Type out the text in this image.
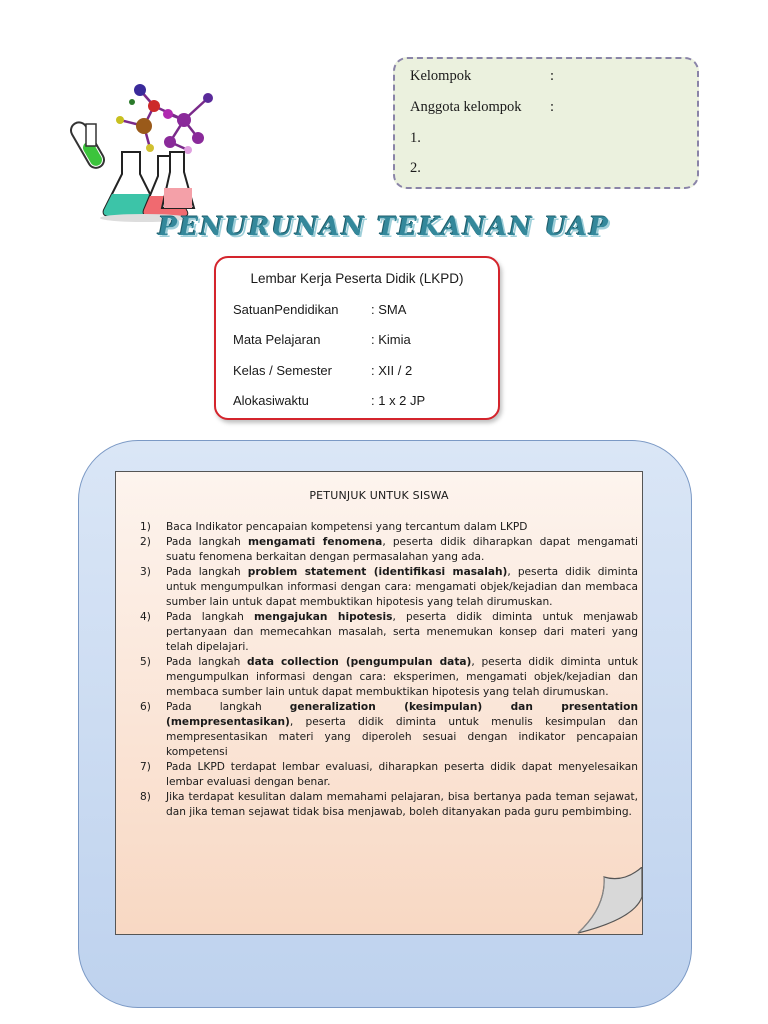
Kelompok	:
Anggota kelompok :
1.
2.
PENURUNAN TEKANAN UAP
Lembar Kerja Peserta Didik (LKPD)
SatuanPendidikan : SMA
Mata Pelajaran	: Kimia
Kelas / Semester	: XII / 2
Alokasiwaktu	: 1 x 2 JP
PETUNJUK UNTUK SISWA
1) Baca Indikator pencapaian kompetensi yang tercantum dalam LKPD
2) Pada langkah mengamati fenomena, peserta didik diharapkan dapat mengamati suatu fenomena berkaitan dengan permasalahan yang ada.
3) Pada langkah problem statement (identifikasi masalah), peserta didik diminta untuk mengumpulkan informasi dengan cara: mengamati objek/kejadian dan membaca sumber lain untuk dapat membuktikan hipotesis yang telah dirumuskan.
4) Pada langkah mengajukan hipotesis, peserta didik diminta untuk menjawab pertanyaan dan memecahkan masalah, serta menemukan konsep dari materi yang telah dipelajari.
5) Pada langkah data collection (pengumpulan data), peserta didik diminta untuk mengumpulkan informasi dengan cara: eksperimen, mengamati objek/kejadian dan membaca sumber lain untuk dapat membuktikan hipotesis yang telah dirumuskan.
6) Pada langkah generalization (kesimpulan) dan presentation (mempresentasikan), peserta didik diminta untuk menulis kesimpulan dan mempresentasikan materi yang diperoleh sesuai dengan indikator pencapaian kompetensi
7) Pada LKPD terdapat lembar evaluasi, diharapkan peserta didik dapat menyelesaikan lembar evaluasi dengan benar.
8) Jika terdapat kesulitan dalam memahami pelajaran, bisa bertanya pada teman sejawat, dan jika teman sejawat tidak bisa menjawab, boleh ditanyakan pada guru pembimbing.
